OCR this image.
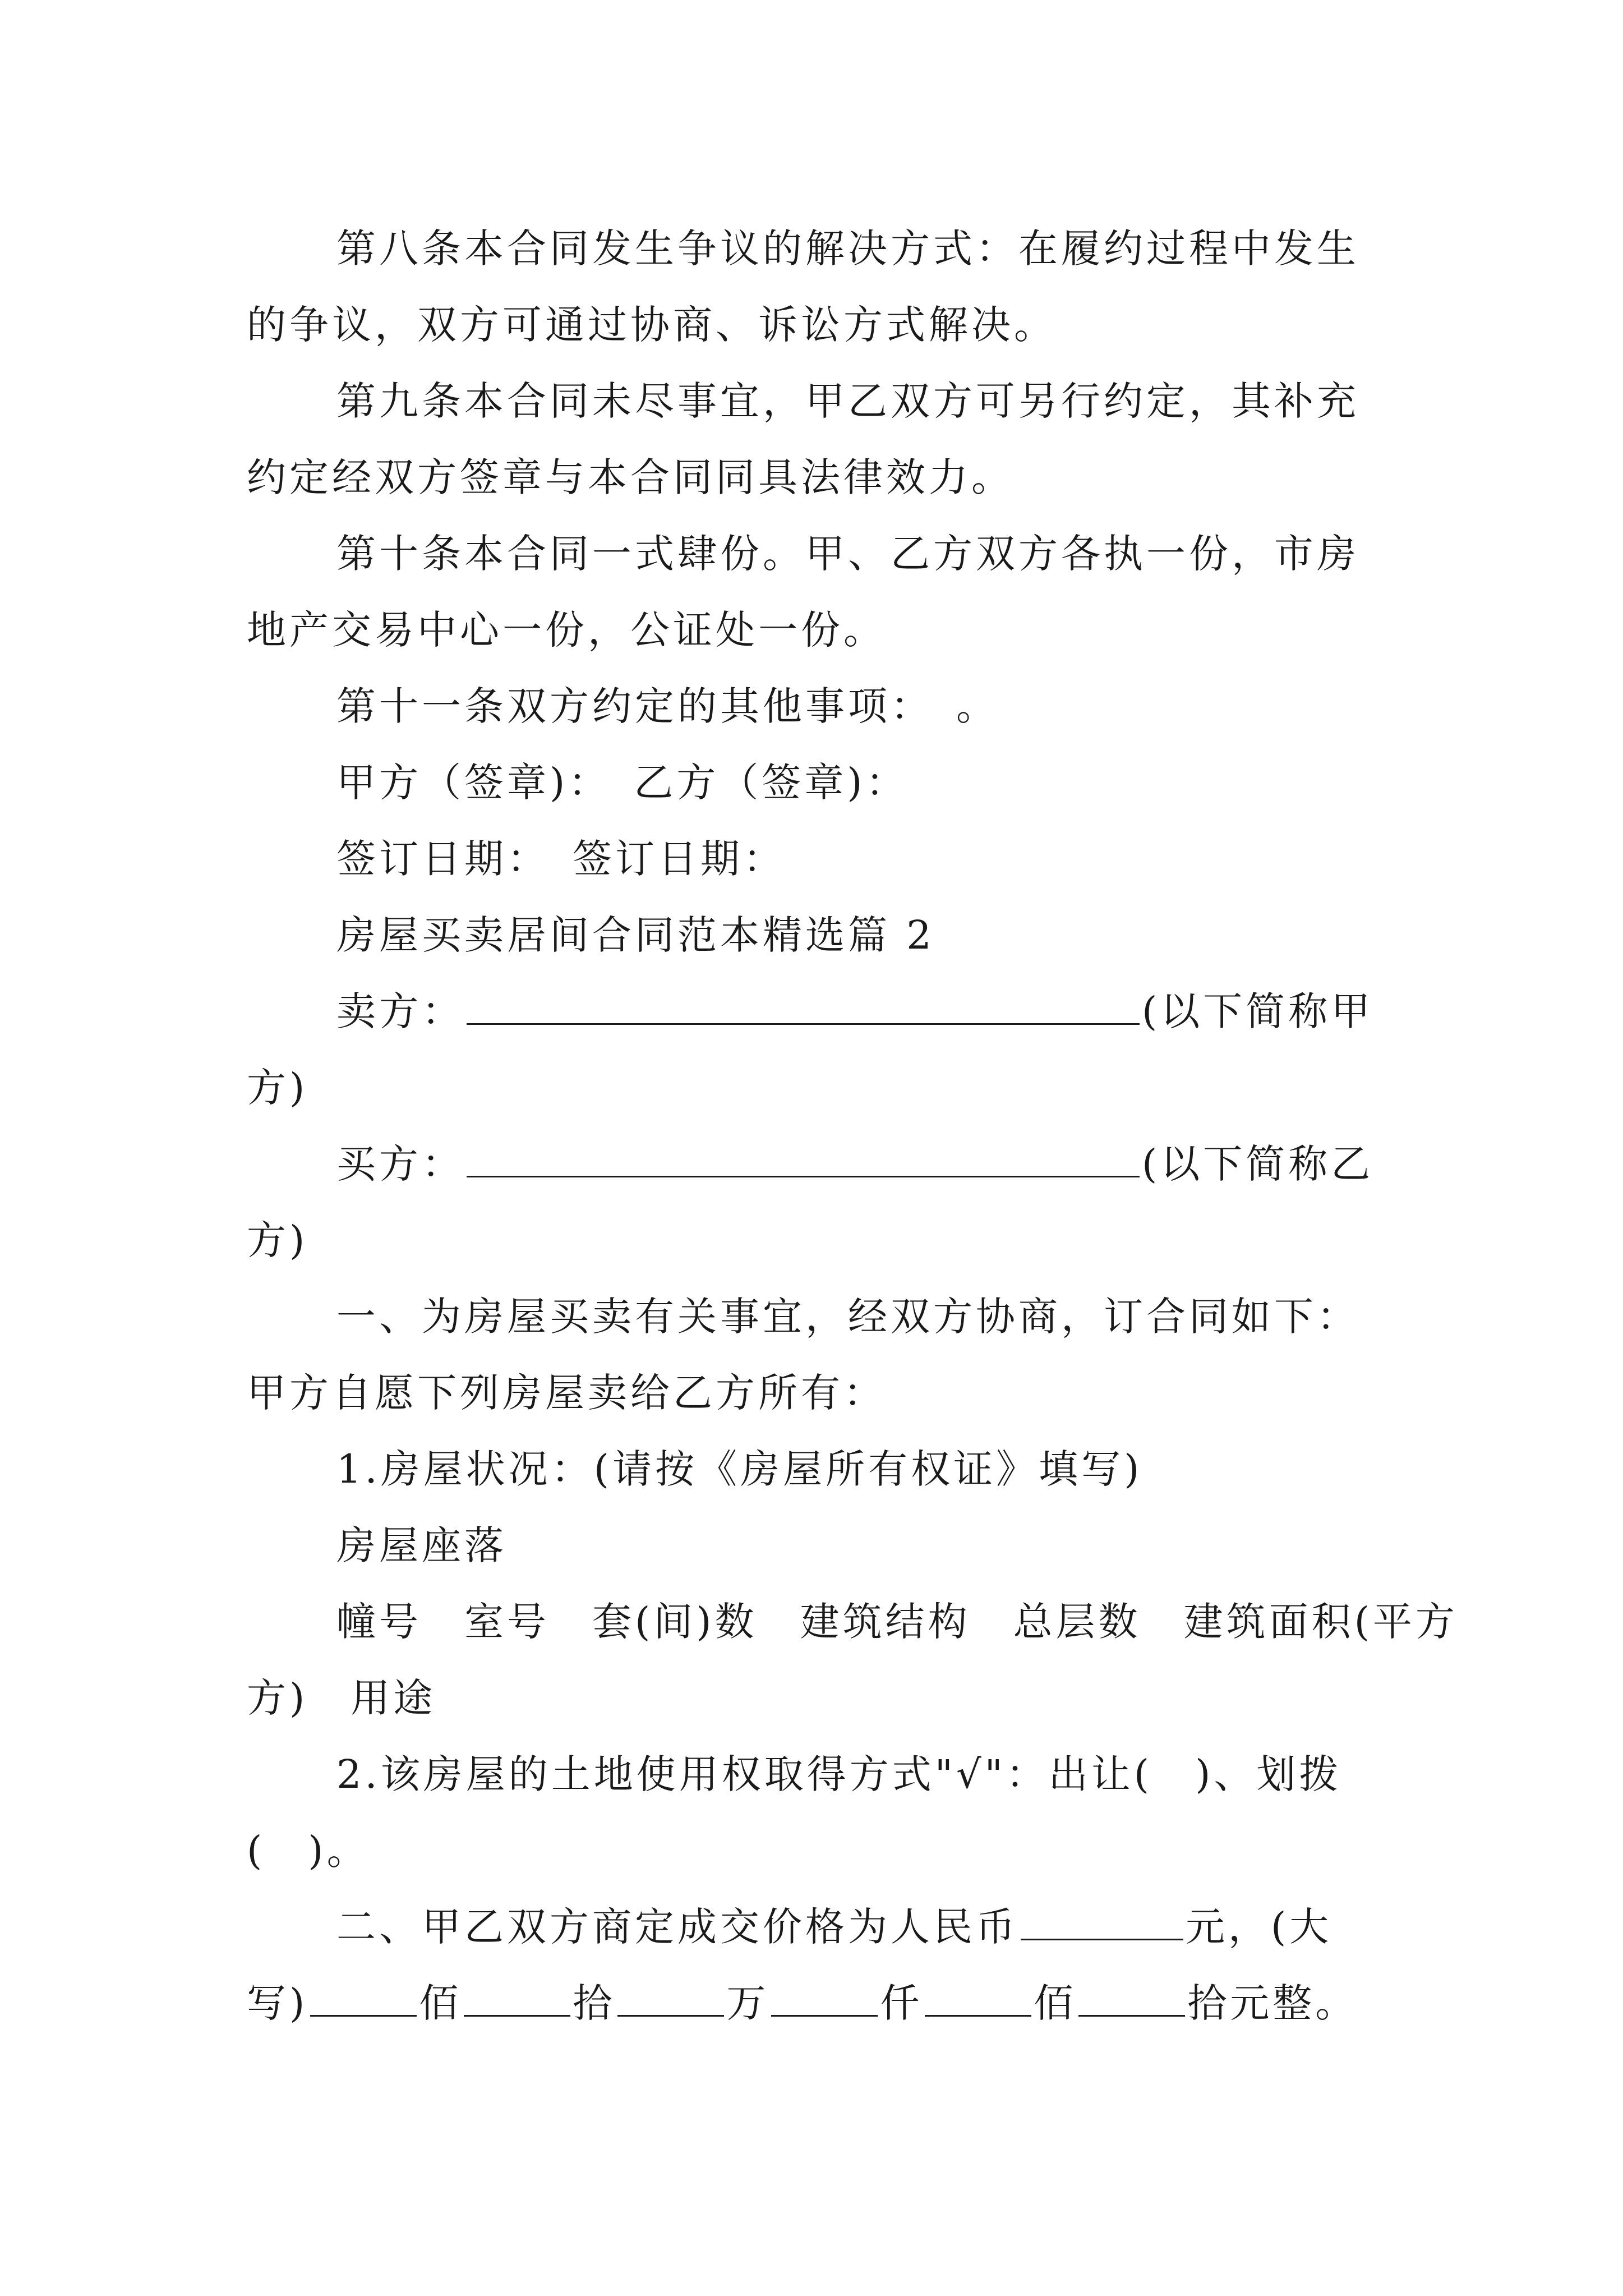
第八条本合同发生争议的解决方式：在履约过程中发生
的争议，双方可通过协商、诉讼方式解决。
第九条本合同未尽事宜，甲乙双方可另行约定，其补充
约定经双方签章与本合同同具法律效力。
第十条本合同一式肆份。甲、乙方双方各执一份，市房
地产交易中心一份，公证处一份。
第十一条双方约定的其他事项：　。
甲方（签章)：　乙方（签章)：
签订日期：　签订日期：
房屋买卖居间合同范本精选篇 2
卖方：	(以下简称甲
方)
买方：	(以下简称乙
方)
一、为房屋买卖有关事宜，经双方协商，订合同如下：
甲方自愿下列房屋卖给乙方所有：
1.房屋状况：(请按《房屋所有权证》填写)
房屋座落
幢号　室号　套(间)数　建筑结构　总层数　建筑面积(平方
方)　用途
2.该房屋的土地使用权取得方式"√"：出让(　)、划拨
(　)。
二、甲乙双方商定成交价格为人民币	元，(大
写)	佰	拾	万	仟	佰	拾元整。
